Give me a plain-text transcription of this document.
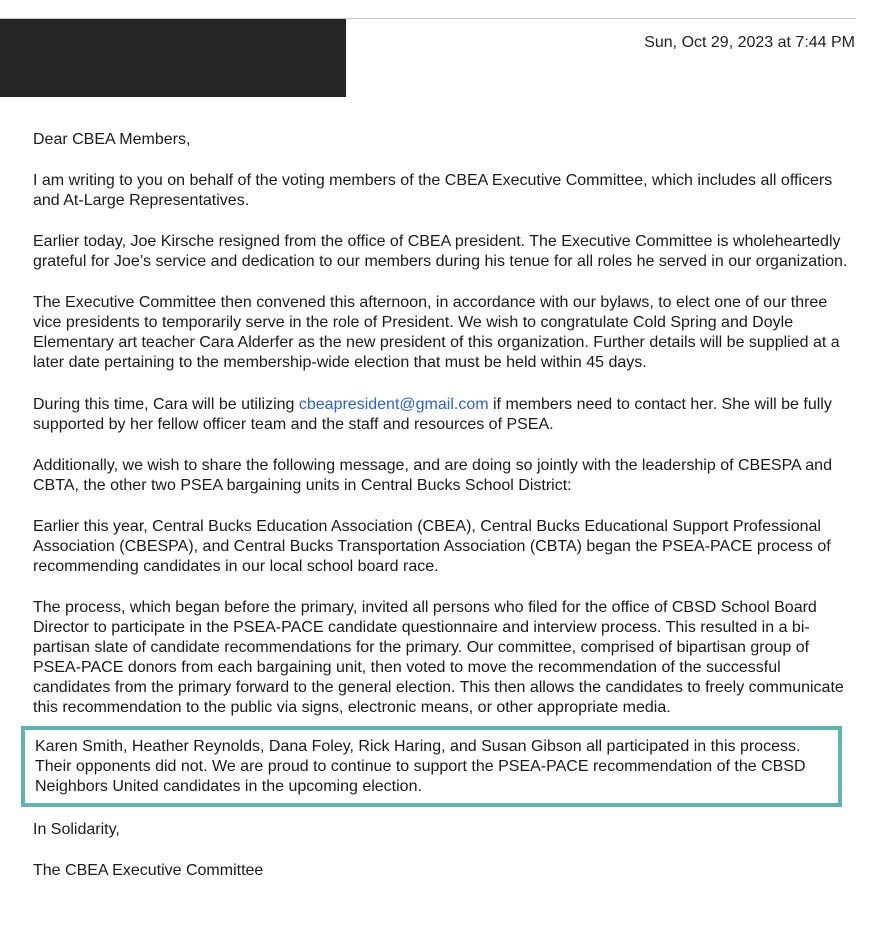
Sun, Oct 29, 2023 at 7:44 PM

Dear CBEA Members,

I am writing to you on behalf of the voting members of the CBEA Executive Committee, which includes all officers and At-Large Representatives.

Earlier today, Joe Kirsche resigned from the office of CBEA president. The Executive Committee is wholeheartedly grateful for Joe’s service and dedication to our members during his tenue for all roles he served in our organization.

The Executive Committee then convened this afternoon, in accordance with our bylaws, to elect one of our three vice presidents to temporarily serve in the role of President. We wish to congratulate Cold Spring and Doyle Elementary art teacher Cara Alderfer as the new president of this organization. Further details will be supplied at a later date pertaining to the membership-wide election that must be held within 45 days.

During this time, Cara will be utilizing cbeapresident@gmail.com if members need to contact her. She will be fully supported by her fellow officer team and the staff and resources of PSEA.

Additionally, we wish to share the following message, and are doing so jointly with the leadership of CBESPA and CBTA, the other two PSEA bargaining units in Central Bucks School District:

Earlier this year, Central Bucks Education Association (CBEA), Central Bucks Educational Support Professional Association (CBESPA), and Central Bucks Transportation Association (CBTA) began the PSEA-PACE process of recommending candidates in our local school board race.

The process, which began before the primary, invited all persons who filed for the office of CBSD School Board Director to participate in the PSEA-PACE candidate questionnaire and interview process. This resulted in a bi-partisan slate of candidate recommendations for the primary. Our committee, comprised of bipartisan group of PSEA-PACE donors from each bargaining unit, then voted to move the recommendation of the successful candidates from the primary forward to the general election. This then allows the candidates to freely communicate this recommendation to the public via signs, electronic means, or other appropriate media.

Karen Smith, Heather Reynolds, Dana Foley, Rick Haring, and Susan Gibson all participated in this process. Their opponents did not. We are proud to continue to support the PSEA-PACE recommendation of the CBSD Neighbors United candidates in the upcoming election.

In Solidarity,

The CBEA Executive Committee
